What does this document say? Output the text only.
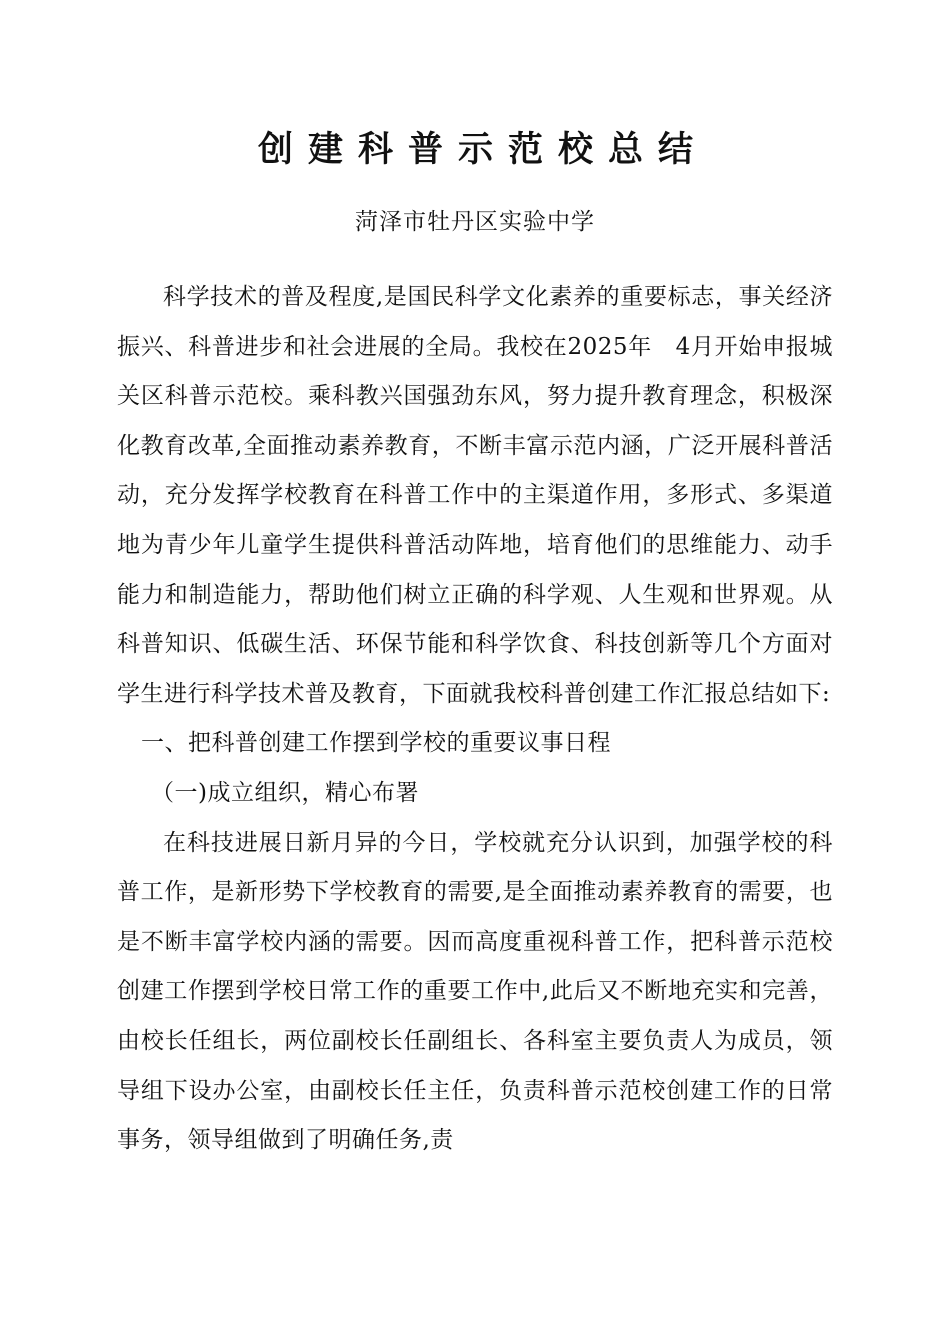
创建科普示范校总结

菏泽市牡丹区实验中学

科学技术的普及程度,是国民科学文化素养的重要标志，事关经济振兴、科普进步和社会进展的全局。我校在2025年　4月开始申报城关区科普示范校。乘科教兴国强劲东风，努力提升教育理念，积极深化教育改革,全面推动素养教育，不断丰富示范内涵，广泛开展科普活动，充分发挥学校教育在科普工作中的主渠道作用，多形式、多渠道地为青少年儿童学生提供科普活动阵地，培育他们的思维能力、动手能力和制造能力，帮助他们树立正确的科学观、人生观和世界观。从科普知识、低碳生活、环保节能和科学饮食、科技创新等几个方面对学生进行科学技术普及教育，下面就我校科普创建工作汇报总结如下:

一、把科普创建工作摆到学校的重要议事日程

（一)成立组织，精心布署

在科技进展日新月异的今日，学校就充分认识到，加强学校的科普工作，是新形势下学校教育的需要,是全面推动素养教育的需要，也是不断丰富学校内涵的需要。因而高度重视科普工作，把科普示范校创建工作摆到学校日常工作的重要工作中,此后又不断地充实和完善，由校长任组长，两位副校长任副组长、各科室主要负责人为成员，领导组下设办公室，由副校长任主任，负责科普示范校创建工作的日常事务，领导组做到了明确任务,责
